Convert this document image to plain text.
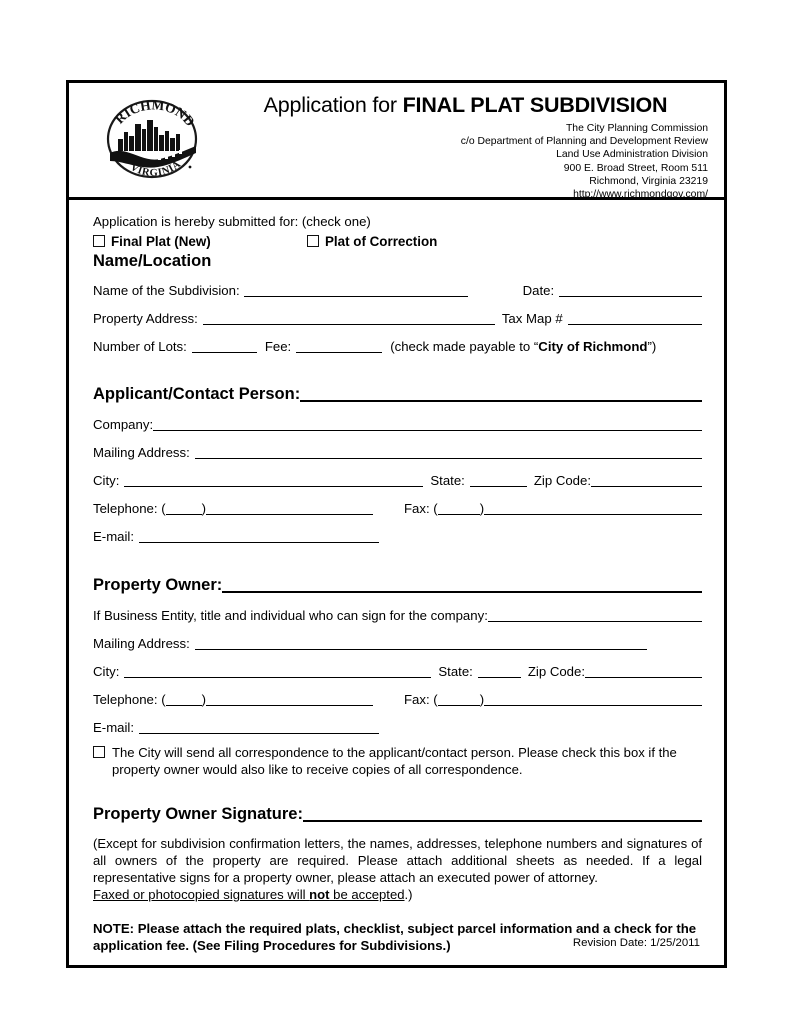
RICHMOND
VIRGINIA
Application for FINAL PLAT SUBDIVISION
The City Planning Commission
c/o Department of Planning and Development Review
Land Use Administration Division
900 E. Broad Street, Room 511
Richmond, Virginia 23219
http://www.richmondgov.com/
Application is hereby submitted for: (check one)
Final Plat (New)	Plat of Correction
Name/Location
Name of the Subdivision:	Date:
Property Address:	Tax Map #
Number of Lots:	Fee:	(check made payable to “City of Richmond”)
Applicant/Contact Person:
Company:
Mailing Address:
City:	State:	Zip Code:
Telephone: (	)	Fax: (	)
E-mail:
Property Owner:
If Business Entity, title and individual who can sign for the company:
Mailing Address:
City:	State:	Zip Code:
Telephone: (	)	Fax: (	)
E-mail:
The City will send all correspondence to the applicant/contact person. Please check this box if the property owner would also like to receive copies of all correspondence.
Property Owner Signature:
(Except for subdivision confirmation letters, the names, addresses, telephone numbers and signatures of all owners of the property are required. Please attach additional sheets as needed. If a legal representative signs for a property owner, please attach an executed power of attorney.
Faxed or photocopied signatures will not be accepted.)
NOTE: Please attach the required plats, checklist, subject parcel information and a check for the application fee. (See Filing Procedures for Subdivisions.)	Revision Date: 1/25/2011
